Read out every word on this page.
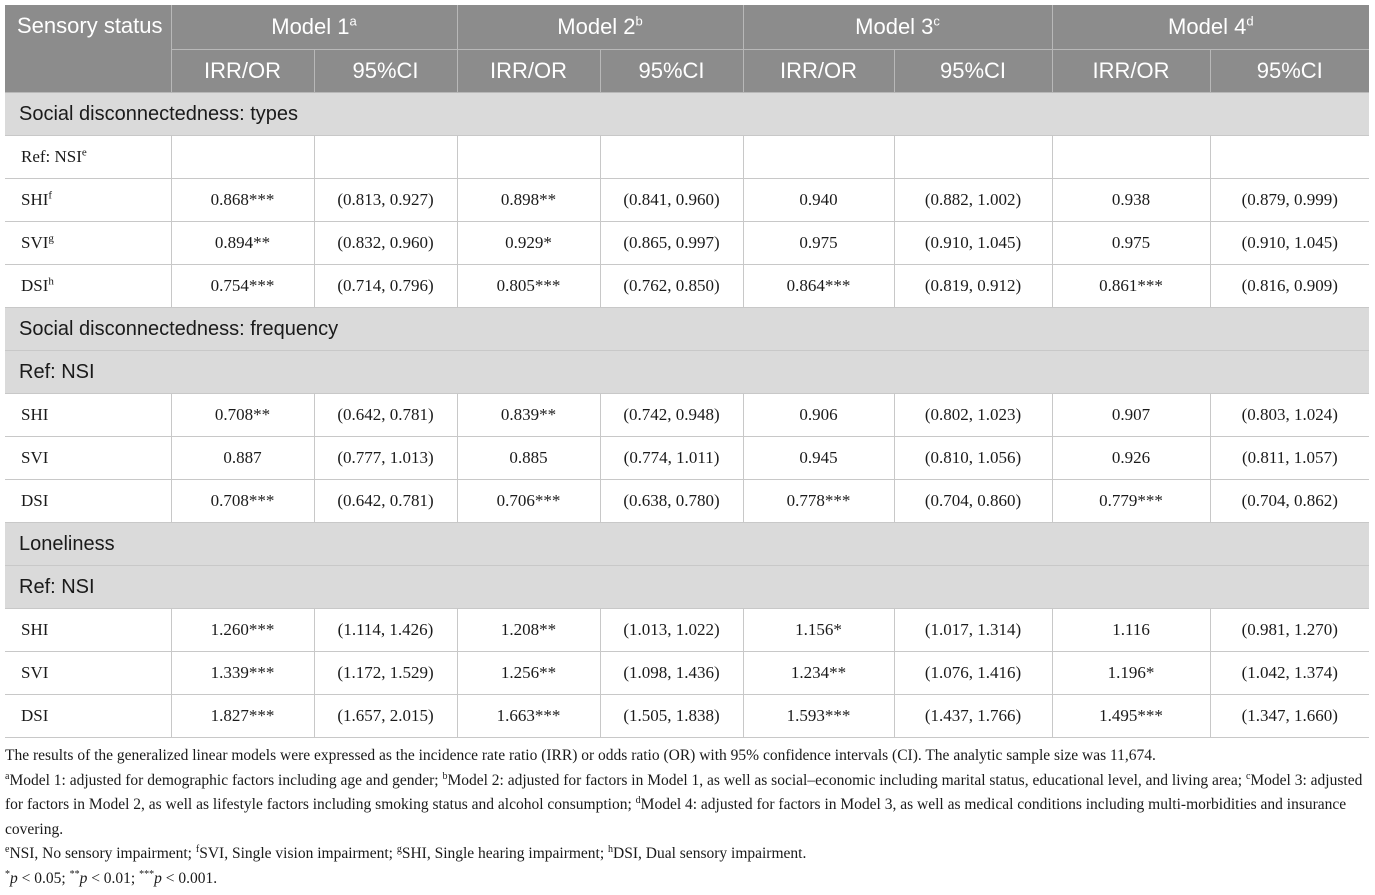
Sensory status	Model 1$^a$		Model 2$^b$		Model 3$^c$		Model 4$^d$
	IRR/OR	95%CI	IRR/OR	95%CI	IRR/OR	95%CI	IRR/OR	95%CI
Social disconnectedness: types								
Ref: NSI$^e$								
SHI$^f$	0.868***	(0.813, 0.927)	0.898**	(0.841, 0.960)	0.940	(0.882, 1.002)	0.938	(0.879, 0.999)
SVI$^g$	0.894**	(0.832, 0.960)	0.929*	(0.865, 0.997)	0.975	(0.910, 1.045)	0.975	(0.910, 1.045)
DSI$^h$	0.754***	(0.714, 0.796)	0.805***	(0.762, 0.850)	0.864***	(0.819, 0.912)	0.861***	(0.816, 0.909)
Social disconnectedness: frequency								
Ref: NSI								
SHI	0.708**	(0.642, 0.781)	0.839**	(0.742, 0.948)	0.906	(0.802, 1.023)	0.907	(0.803, 1.024)
SVI	0.887	(0.777, 1.013)	0.885	(0.774, 1.011)	0.945	(0.810, 1.056)	0.926	(0.811, 1.057)
DSI	0.708***	(0.642, 0.781)	0.706***	(0.638, 0.780)	0.778***	(0.704, 0.860)	0.779***	(0.704, 0.862)
Loneliness								
Ref: NSI								
SHI	1.260***	(1.114, 1.426)	1.208**	(1.013, 1.022)	1.156*	(1.017, 1.314)	1.116	(0.981, 1.270)
SVI	1.339***	(1.172, 1.529)	1.256**	(1.098, 1.436)	1.234**	(1.076, 1.416)	1.196*	(1.042, 1.374)
DSI	1.827***	(1.657, 2.015)	1.663***	(1.505, 1.838)	1.593***	(1.437, 1.766)	1.495***	(1.347, 1.660)

The results of the generalized linear models were expressed as the incidence rate ratio (IRR) or odds ratio (OR) with 95% confidence intervals (CI). The analytic sample size was 11,674.

$^a$Model 1: adjusted for demographic factors including age and gender; $^b$Model 2: adjusted for factors in Model 1, as well as social–economic including marital status, educational level, and living area; $^c$Model 3: adjusted for factors in Model 2, as well as lifestyle factors including smoking status and alcohol consumption; $^d$Model 4: adjusted for factors in Model 3, as well as medical conditions including multi-morbidities and insurance covering.

$^e$NSI, No sensory impairment; $^f$SVI, Single vision impairment; $^g$SHI, Single hearing impairment; $^h$DSI, Dual sensory impairment.

*p < 0.05; **p < 0.01; ***p < 0.001.
